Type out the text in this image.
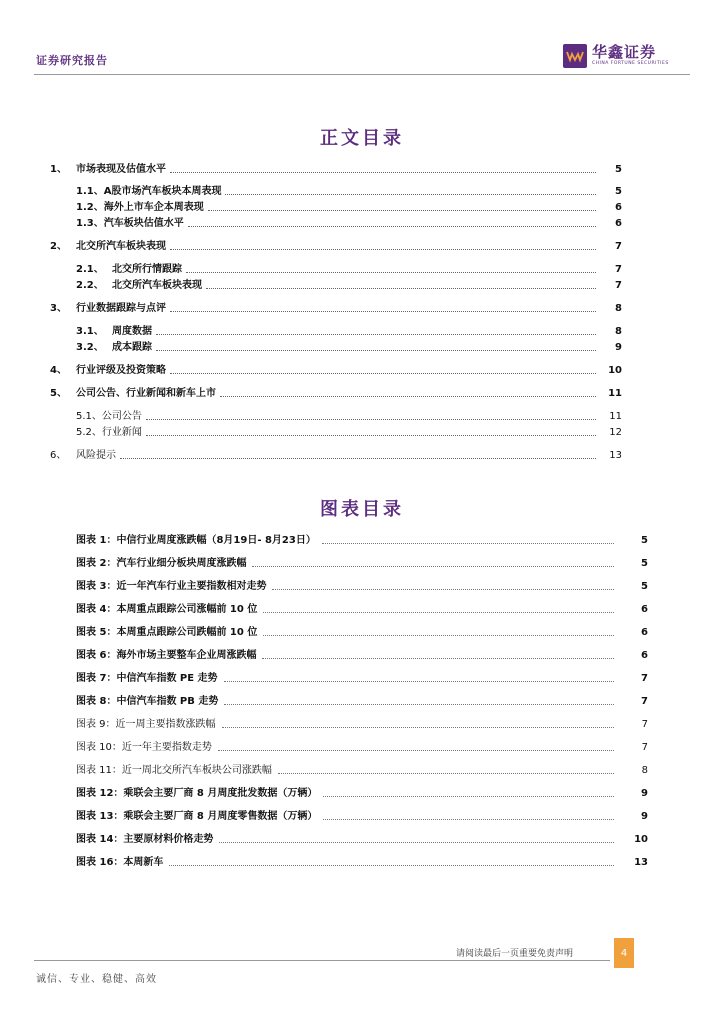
证券研究报告	华鑫证券
CHINA FORTUNE SECURITIES
正文目录
1、 市场表现及估值水平	5
1.1、 A股市场汽车板块本周表现	5
1.2、 海外上市车企本周表现	6
1.3、 汽车板块估值水平	6
2、 北交所汽车板块表现	7
2.1、 北交所行情跟踪	7
2.2、 北交所汽车板块表现	7
3、 行业数据跟踪与点评	8
3.1、 周度数据	8
3.2、 成本跟踪	9
4、 行业评级及投资策略	10
5、 公司公告、行业新闻和新车上市	11
5.1、 公司公告	11
5.2、 行业新闻	12
6、 风险提示	13
图表目录
图表 1：中信行业周度涨跌幅（8月19日- 8月23日）	5
图表 2：汽车行业细分板块周度涨跌幅	5
图表 3：近一年汽车行业主要指数相对走势	5
图表 4：本周重点跟踪公司涨幅前 10 位	6
图表 5：本周重点跟踪公司跌幅前 10 位	6
图表 6：海外市场主要整车企业周涨跌幅	6
图表 7：中信汽车指数 PE 走势	7
图表 8：中信汽车指数 PB 走势	7
图表 9：近一周主要指数涨跌幅	7
图表 10：近一年主要指数走势	7
图表 11：近一周北交所汽车板块公司涨跌幅	8
图表 12：乘联会主要厂商 8 月周度批发数据（万辆）	9
图表 13：乘联会主要厂商 8 月周度零售数据（万辆）	9
图表 14：主要原材料价格走势	10
图表 16：本周新车	13
请阅读最后一页重要免责声明	4
诚信、专业、稳健、高效
